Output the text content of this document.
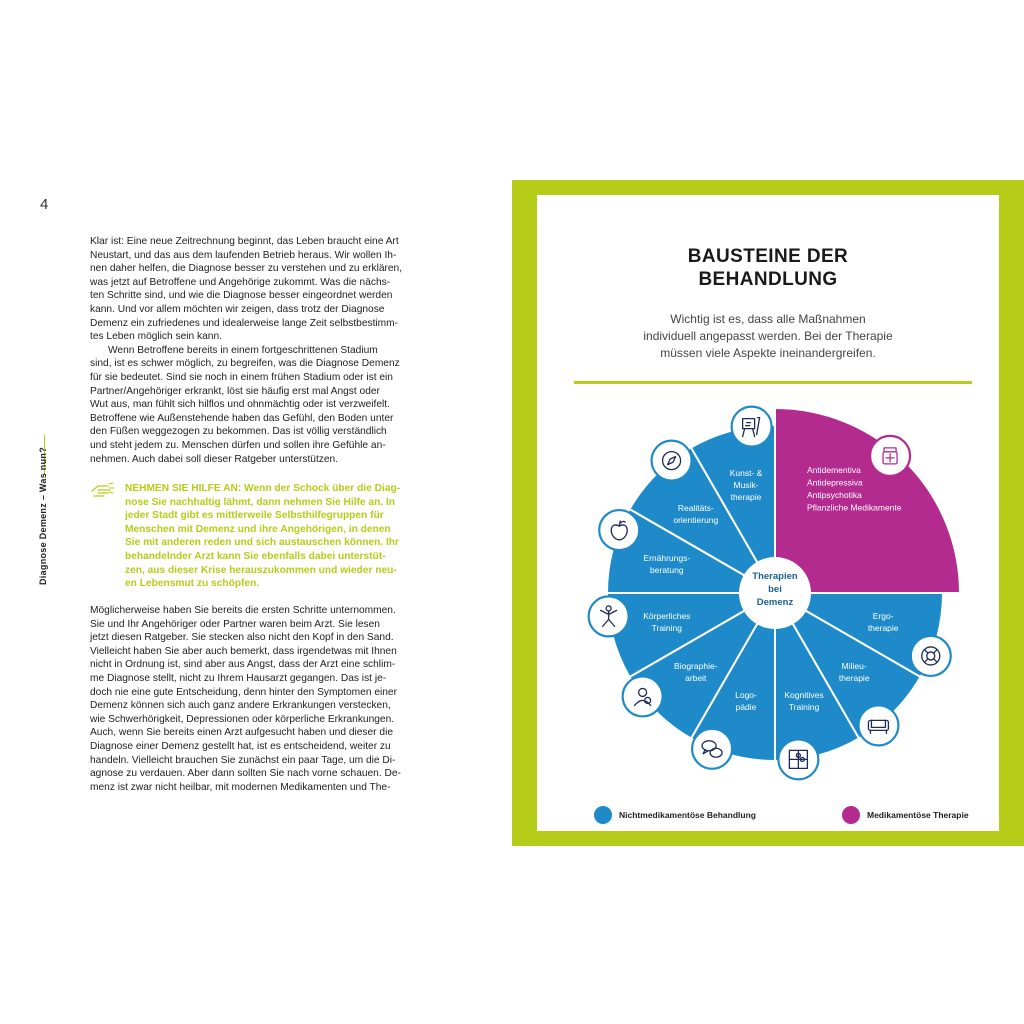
4
Diagnose Demenz – Was nun?

Klar ist: Eine neue Zeitrechnung beginnt, das Leben braucht eine Art
Neustart, und das aus dem laufenden Betrieb heraus. Wir wollen Ih-
nen daher helfen, die Diagnose besser zu verstehen und zu erklären,
was jetzt auf Betroffene und Angehörige zukommt. Was die nächs-
ten Schritte sind, und wie die Diagnose besser eingeordnet werden
kann. Und vor allem möchten wir zeigen, dass trotz der Diagnose
Demenz ein zufriedenes und idealerweise lange Zeit selbstbestimm-
tes Leben möglich sein kann.
Wenn Betroffene bereits in einem fortgeschrittenen Stadium
sind, ist es schwer möglich, zu begreifen, was die Diagnose Demenz
für sie bedeutet. Sind sie noch in einem frühen Stadium oder ist ein
Partner/Angehöriger erkrankt, löst sie häufig erst mal Angst oder
Wut aus, man fühlt sich hilflos und ohnmächtig oder ist verzweifelt.
Betroffene wie Außenstehende haben das Gefühl, den Boden unter
den Füßen weggezogen zu bekommen. Das ist völlig verständlich
und steht jedem zu. Menschen dürfen und sollen ihre Gefühle an-
nehmen. Auch dabei soll dieser Ratgeber unterstützen.

NEHMEN SIE HILFE AN: Wenn der Schock über die Diag-
nose Sie nachhaltig lähmt, dann nehmen Sie Hilfe an. In
jeder Stadt gibt es mittlerweile Selbsthilfegruppen für
Menschen mit Demenz und ihre Angehörigen, in denen
Sie mit anderen reden und sich austauschen können. Ihr
behandelnder Arzt kann Sie ebenfalls dabei unterstüt-
zen, aus dieser Krise herauszukommen und wieder neu-
en Lebensmut zu schöpfen.

Möglicherweise haben Sie bereits die ersten Schritte unternommen.
Sie und Ihr Angehöriger oder Partner waren beim Arzt. Sie lesen
jetzt diesen Ratgeber. Sie stecken also nicht den Kopf in den Sand.
Vielleicht haben Sie aber auch bemerkt, dass irgendetwas mit Ihnen
nicht in Ordnung ist, sind aber aus Angst, dass der Arzt eine schlim-
me Diagnose stellt, nicht zu Ihrem Hausarzt gegangen. Das ist je-
doch nie eine gute Entscheidung, denn hinter den Symptomen einer
Demenz können sich auch ganz andere Erkrankungen verstecken,
wie Schwerhörigkeit, Depressionen oder körperliche Erkrankungen.
Auch, wenn Sie bereits einen Arzt aufgesucht haben und dieser die
Diagnose einer Demenz gestellt hat, ist es entscheidend, weiter zu
handeln. Vielleicht brauchen Sie zunächst ein paar Tage, um die Di-
agnose zu verdauen. Aber dann sollten Sie nach vorne schauen. De-
menz ist zwar nicht heilbar, mit modernen Medikamenten und The-

BAUSTEINE DER
BEHANDLUNG

Wichtig ist es, dass alle Maßnahmen
individuell angepasst werden. Bei der Therapie
müssen viele Aspekte ineinandergreifen.

Therapien bei Demenz
Antidementiva Antidepressiva Antipsychotika Pflanzliche Medikamente
Ergo-therapie
Milieu-therapie
Kognitives Training
Logo-pädie
Biographie-arbeit
Körperliches Training
Ernährungs-beratung
Realitäts-orientierung
Kunst- & Musik-therapie
Nichtmedikamentöse Behandlung	Medikamentöse Therapie
